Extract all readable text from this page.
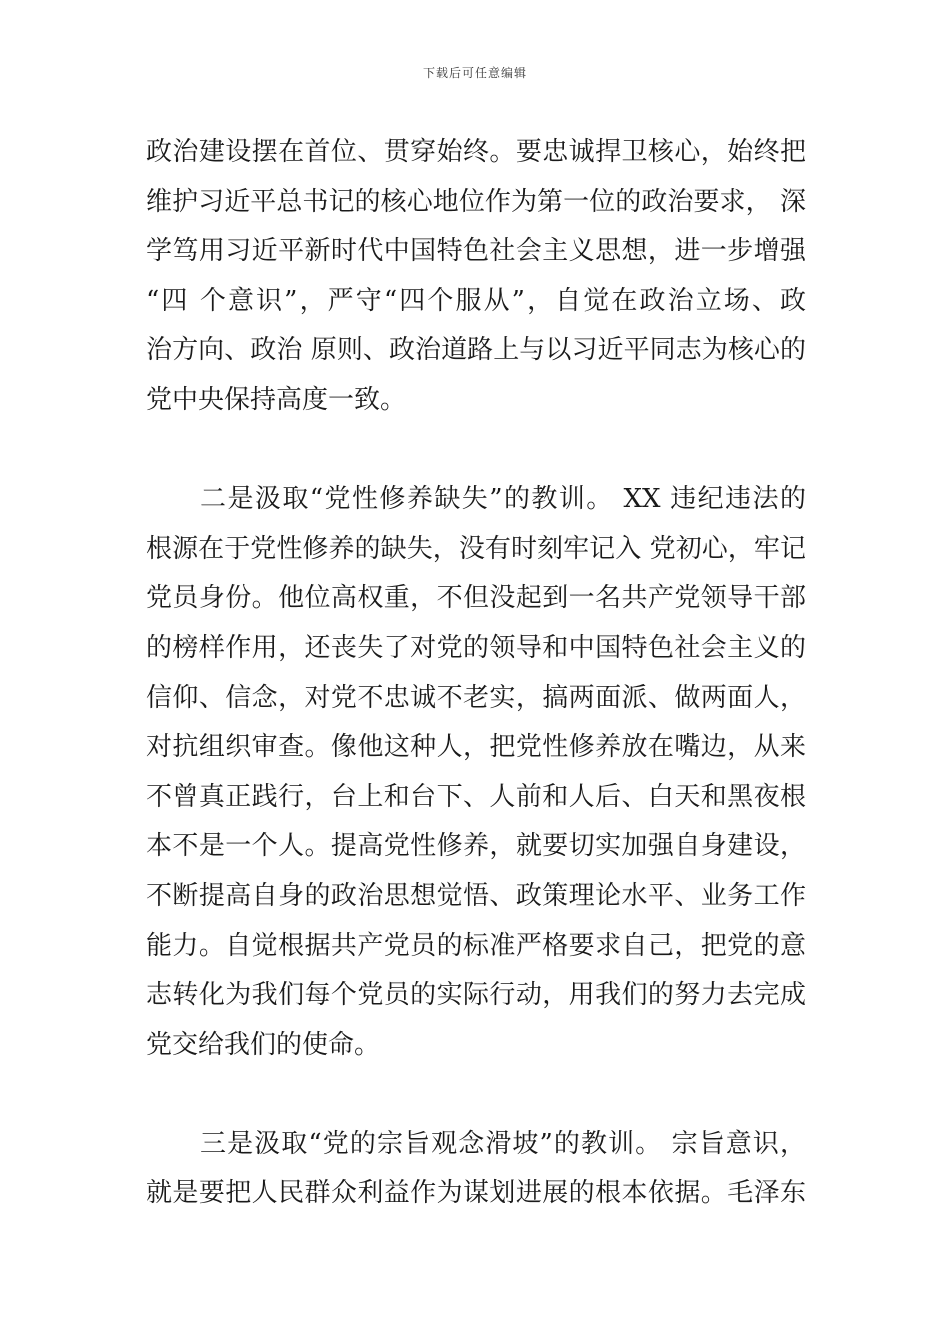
下载后可任意编辑
政治建设摆在首位、贯穿始终。要忠诚捍卫核心，始终把
维护习近平总书记的核心地位作为第一位的政治要求， 深
学笃用习近平新时代中国特色社会主义思想，进一步增强
“四 个意识”，严守“四个服从”，自觉在政治立场、政
治方向、政治 原则、政治道路上与以习近平同志为核心的
党中央保持高度一致。
二是汲取“党性修养缺失”的教训。 XX 违纪违法的
根源在于党性修养的缺失，没有时刻牢记入 党初心，牢记
党员身份。他位高权重，不但没起到一名共产党领导干部
的榜样作用，还丧失了对党的领导和中国特色社会主义的
信仰、信念，对党不忠诚不老实，搞两面派、做两面人，
对抗组织审查。像他这种人，把党性修养放在嘴边，从来
不曾真正践行，台上和台下、人前和人后、白天和黑夜根
本不是一个人。提高党性修养，就要切实加强自身建设，
不断提高自身的政治思想觉悟、政策理论水平、业务工作
能力。自觉根据共产党员的标准严格要求自己，把党的意
志转化为我们每个党员的实际行动，用我们的努力去完成
党交给我们的使命。
三是汲取“党的宗旨观念滑坡”的教训。 宗旨意识，
就是要把人民群众利益作为谋划进展的根本依据。毛泽东
